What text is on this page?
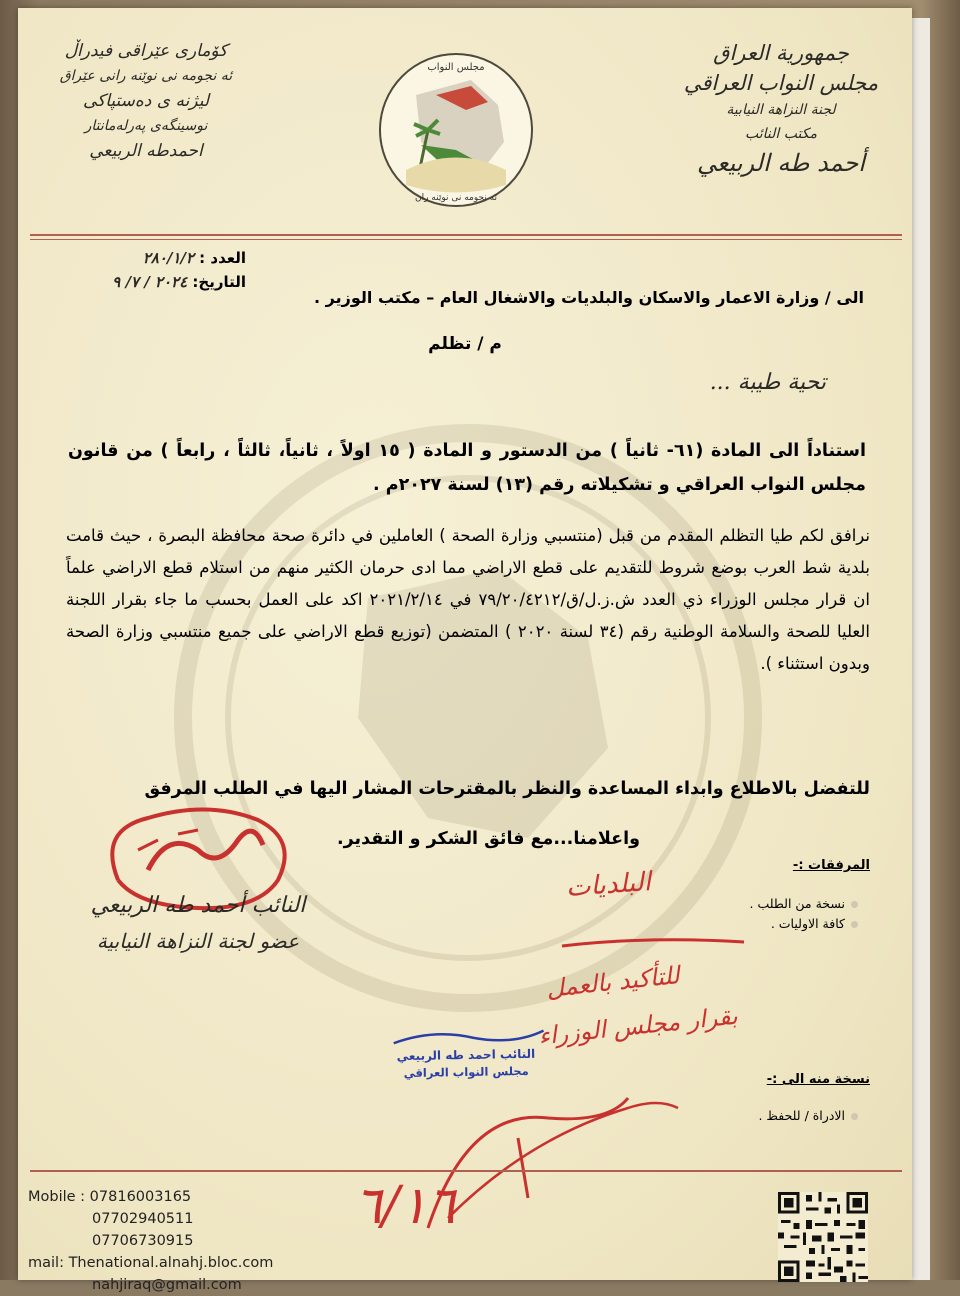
جمهورية العراق
مجلس النواب العراقي
لجنة النزاهة النيابية
مكتب النائب
أحمد طه الربيعي
مجلس النواب
ئه نجومه نی نوێنه ران
كۆماری عێراقی فیدراڵ
ئه نجومه نی نوێنه رانی عێراق
لیژنه ی دەستپاکی
نوسینگەی پەرلەمانتار
احمدطه الربيعي
العدد : ٢٨٠/١/٢
التاريخ: ٢٠٢٤ / ٧/ ٩
الى / وزارة الاعمار والاسكان والبلديات والاشغال العام – مكتب الوزير .
م / تظلم
تحية طيبة ...
استناداً الى المادة (٦١- ثانياً ) من الدستور و المادة ( ١٥ اولاً ، ثانياً، ثالثاً ، رابعاً ) من قانون مجلس النواب العراقي و تشكيلاته رقم (١٣) لسنة ٢٠٢٧م .
نرافق لكم طيا التظلم المقدم من قبل (منتسبي وزارة الصحة ) العاملين في دائرة صحة محافظة البصرة ، حيث قامت بلدية شط العرب بوضع شروط للتقديم على قطع الاراضي مما ادى حرمان الكثير منهم من استلام قطع الاراضي علماً ان قرار مجلس الوزراء ذي العدد ش.ز.ل/ق/٧٩/٢٠/٤٢١٢ في ٢٠٢١/٢/١٤ اكد على العمل بحسب ما جاء بقرار اللجنة العليا للصحة والسلامة الوطنية رقم (٣٤ لسنة ٢٠٢٠ ) المتضمن (توزيع قطع الاراضي على جميع منتسبي وزارة الصحة وبدون استثناء ).
للتفضل بالاطلاع وابداء المساعدة والنظر بالمقترحات المشار اليها في الطلب المرفق
واعلامنا...مع فائق الشكر و التقدير.
المرفقات :-
نسخة من الطلب .
كافة الاوليات .
نسخة منه الى :-
الادراة / للحفظ .
النائب أحمد طه الربيعي
عضو لجنة النزاهة النيابية
البلديات
للتأكيد بالعمل
بقرار مجلس الوزراء
النائب احمد طه الربيعي
مجلس النواب العراقي
٦/١٦
Mobile : 07816003165
07702940511
07706730915
mail: Thenational.alnahj.bloc.com
nahjiraq@gmail.com
